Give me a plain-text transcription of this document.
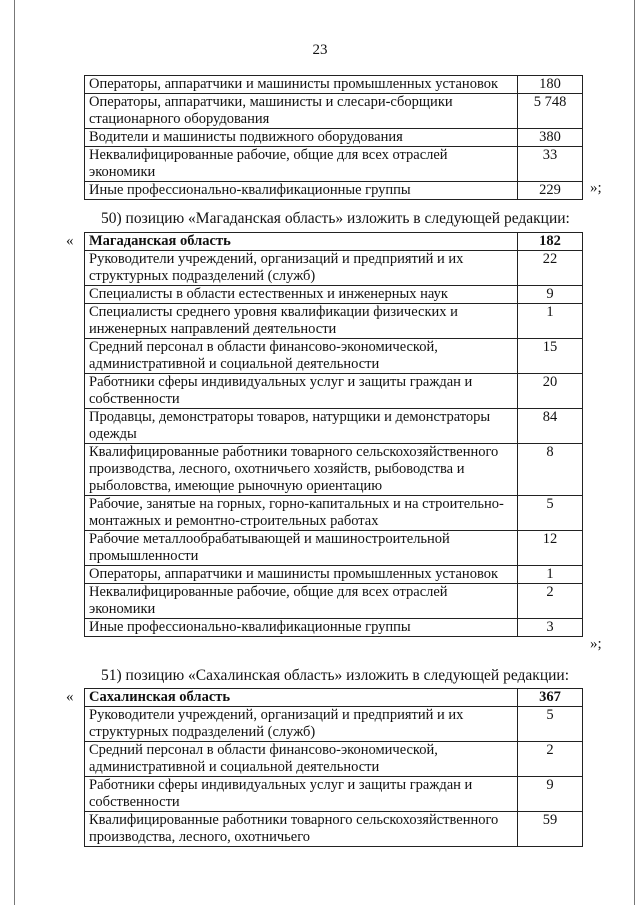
23
Операторы, аппаратчики и машинисты промышленных установок	180
Операторы, аппаратчики, машинисты и слесари-сборщики стационарного оборудования	5 748
Водители и машинисты подвижного оборудования	380
Неквалифицированные рабочие, общие для всех отраслей экономики	33
Иные профессионально-квалификационные группы	229 »;
50) позицию «Магаданская область» изложить в следующей редакции:
« Магаданская область	182
Руководители учреждений, организаций и предприятий и их структурных подразделений (служб)	22
Специалисты в области естественных и инженерных наук	9
Специалисты среднего уровня квалификации физических и инженерных направлений деятельности	1
Средний персонал в области финансово-экономической, административной и социальной деятельности	15
Работники сферы индивидуальных услуг и защиты граждан и собственности	20
Продавцы, демонстраторы товаров, натурщики и демонстраторы одежды	84
Квалифицированные работники товарного сельскохозяйственного производства, лесного, охотничьего хозяйств, рыбоводства и рыболовства, имеющие рыночную ориентацию	8
Рабочие, занятые на горных, горно-капитальных и на строительно-монтажных и ремонтно-строительных работах	5
Рабочие металлообрабатывающей и машиностроительной промышленности	12
Операторы, аппаратчики и машинисты промышленных установок	1
Неквалифицированные рабочие, общие для всех отраслей экономики	2
Иные профессионально-квалификационные группы	3
»;
51) позицию «Сахалинская область» изложить в следующей редакции:
« Сахалинская область	367
Руководители учреждений, организаций и предприятий и их структурных подразделений (служб)	5
Средний персонал в области финансово-экономической, административной и социальной деятельности	2
Работники сферы индивидуальных услуг и защиты граждан и собственности	9
Квалифицированные работники товарного сельскохозяйственного производства, лесного, охотничьего	59
